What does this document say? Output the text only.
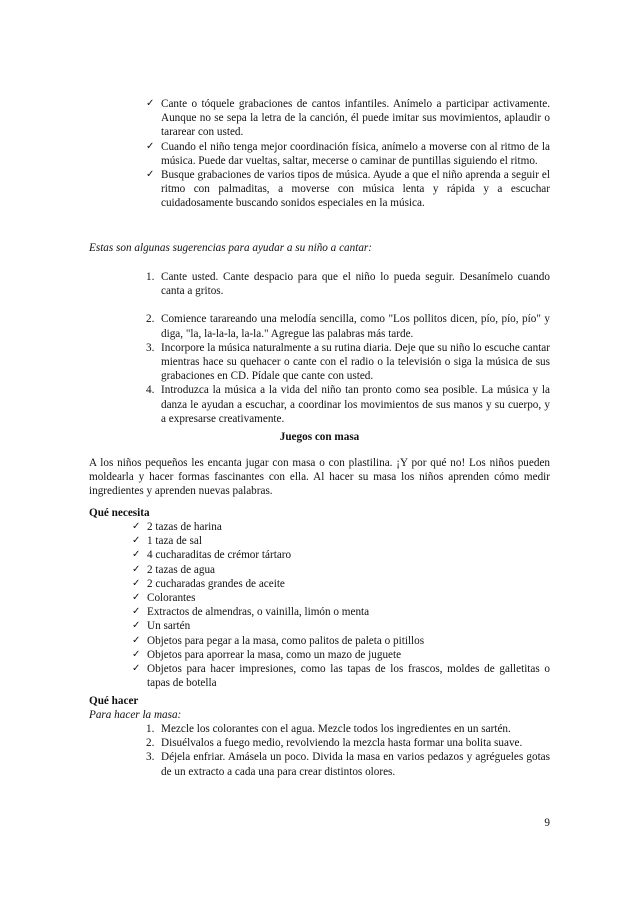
✓ Cante o tóquele grabaciones de cantos infantiles. Anímelo a participar activamente. Aunque no se sepa la letra de la canción, él puede imitar sus movimientos, aplaudir o tararear con usted.
✓ Cuando el niño tenga mejor coordinación física, anímelo a moverse con al ritmo de la música. Puede dar vueltas, saltar, mecerse o caminar de puntillas siguiendo el ritmo.
✓ Busque grabaciones de varios tipos de música. Ayude a que el niño aprenda a seguir el ritmo con palmaditas, a moverse con música lenta y rápida y a escuchar cuidadosamente buscando sonidos especiales en la música.
Estas son algunas sugerencias para ayudar a su niño a cantar:
1. Cante usted. Cante despacio para que el niño lo pueda seguir. Desanímelo cuando canta a gritos.
2. Comience tarareando una melodía sencilla, como "Los pollitos dicen, pío, pío, pío" y diga, "la, la-la-la, la-la." Agregue las palabras más tarde.
3. Incorpore la música naturalmente a su rutina diaria. Deje que su niño lo escuche cantar mientras hace su quehacer o cante con el radio o la televisión o siga la música de sus grabaciones en CD. Pídale que cante con usted.
4. Introduzca la música a la vida del niño tan pronto como sea posible. La música y la danza le ayudan a escuchar, a coordinar los movimientos de sus manos y su cuerpo, y a expresarse creativamente.
Juegos con masa
A los niños pequeños les encanta jugar con masa o con plastilina. ¡Y por qué no! Los niños pueden moldearla y hacer formas fascinantes con ella. Al hacer su masa los niños aprenden cómo medir ingredientes y aprenden nuevas palabras.
Qué necesita
✓ 2 tazas de harina
✓ 1 taza de sal
✓ 4 cucharaditas de crémor tártaro
✓ 2 tazas de agua
✓ 2 cucharadas grandes de aceite
✓ Colorantes
✓ Extractos de almendras, o vainilla, limón o menta
✓ Un sartén
✓ Objetos para pegar a la masa, como palitos de paleta o pitillos
✓ Objetos para aporrear la masa, como un mazo de juguete
✓ Objetos para hacer impresiones, como las tapas de los frascos, moldes de galletitas o tapas de botella
Qué hacer
Para hacer la masa:
1. Mezcle los colorantes con el agua. Mezcle todos los ingredientes en un sartén.
2. Disuélvalos a fuego medio, revolviendo la mezcla hasta formar una bolita suave.
3. Déjela enfriar. Amásela un poco. Divida la masa en varios pedazos y agrégueles gotas de un extracto a cada una para crear distintos olores.
9
